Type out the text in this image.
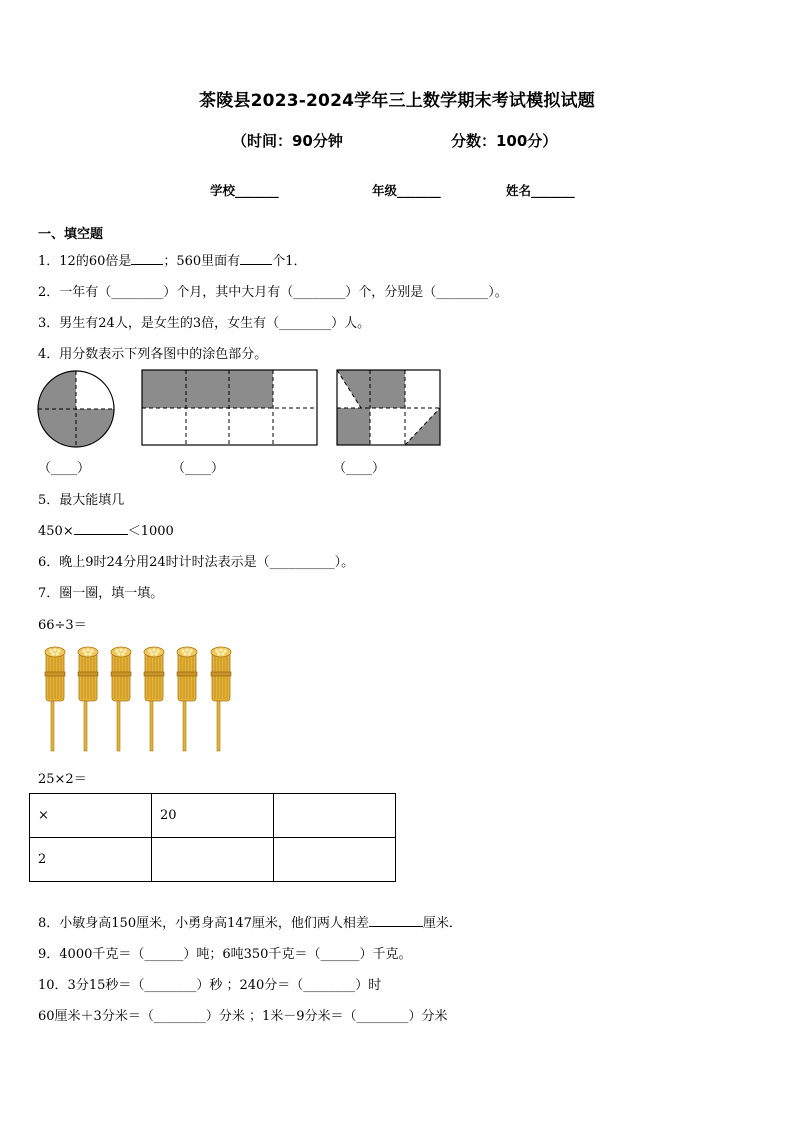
茶陵县2023-2024学年三上数学期末考试模拟试题
（时间：90分钟	分数：100分）
学校_______	年级_______	姓名_______
一、填空题
1．12的60倍是 ；560里面有 个1．
2．一年有（________）个月，其中大月有（________）个，分别是（________）。
3．男生有24人，是女生的3倍，女生有（________）人。
4．用分数表示下列各图中的涂色部分。
（____）	（____）	（____）
5．最大能填几
450×	＜1000
6．晚上9时24分用24时计时法表示是（__________）。
7．圈一圈，填一填。
66÷3＝
25×2＝
×	20	
2		
8．小敏身高150厘米，小勇身高147厘米，他们两人相差	厘米．
9．4000千克＝（______）吨；6吨350千克＝（______）千克。
10．3分15秒＝（________）秒 ；240分＝（________）时
60厘米＋3分米＝（________）分米 ；1米－9分米＝（________）分米
